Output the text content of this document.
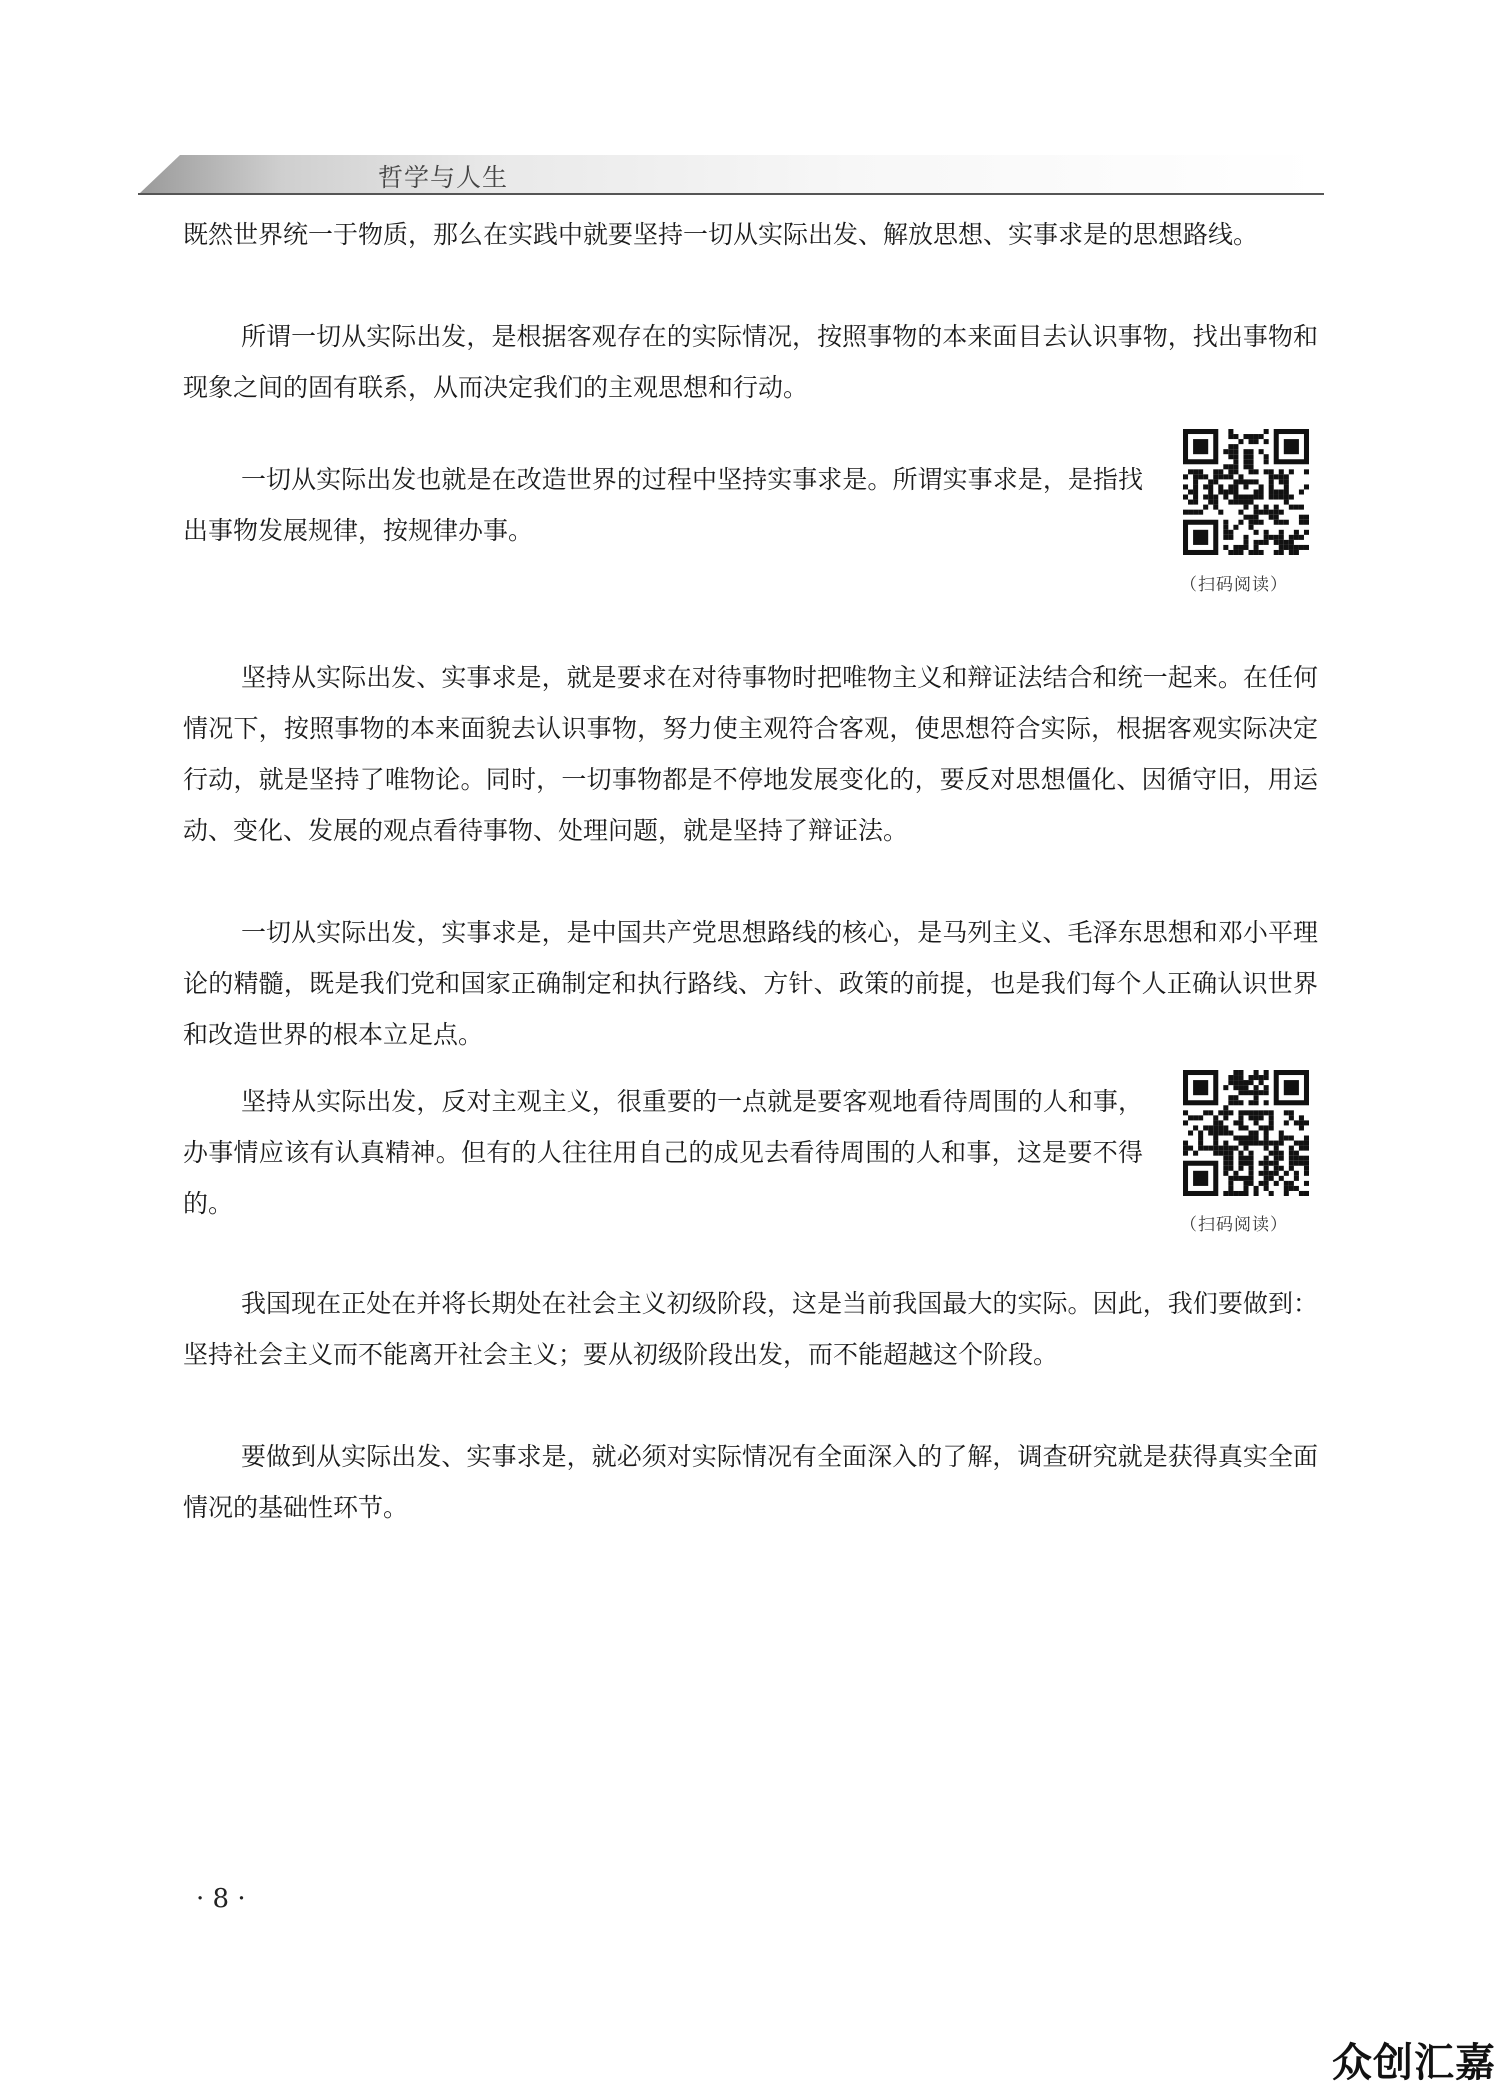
哲学与人生

既然世界统一于物质，那么在实践中就要坚持一切从实际出发、解放思想、实事求是的思想路线。

所谓一切从实际出发，是根据客观存在的实际情况，按照事物的本来面目去认识事物，找出事物和现象之间的固有联系，从而决定我们的主观思想和行动。

一切从实际出发也就是在改造世界的过程中坚持实事求是。所谓实事求是，是指找出事物发展规律，按规律办事。

（扫码阅读）

坚持从实际出发、实事求是，就是要求在对待事物时把唯物主义和辩证法结合和统一起来。在任何情况下，按照事物的本来面貌去认识事物，努力使主观符合客观，使思想符合实际，根据客观实际决定行动，就是坚持了唯物论。同时，一切事物都是不停地发展变化的，要反对思想僵化、因循守旧，用运动、变化、发展的观点看待事物、处理问题，就是坚持了辩证法。

一切从实际出发，实事求是，是中国共产党思想路线的核心，是马列主义、毛泽东思想和邓小平理论的精髓，既是我们党和国家正确制定和执行路线、方针、政策的前提，也是我们每个人正确认识世界和改造世界的根本立足点。

坚持从实际出发，反对主观主义，很重要的一点就是要客观地看待周围的人和事，办事情应该有认真精神。但有的人往往用自己的成见去看待周围的人和事，这是要不得的。

（扫码阅读）

我国现在正处在并将长期处在社会主义初级阶段，这是当前我国最大的实际。因此，我们要做到：坚持社会主义而不能离开社会主义；要从初级阶段出发，而不能超越这个阶段。

要做到从实际出发、实事求是，就必须对实际情况有全面深入的了解，调查研究就是获得真实全面情况的基础性环节。

· 8 ·
众创汇嘉
